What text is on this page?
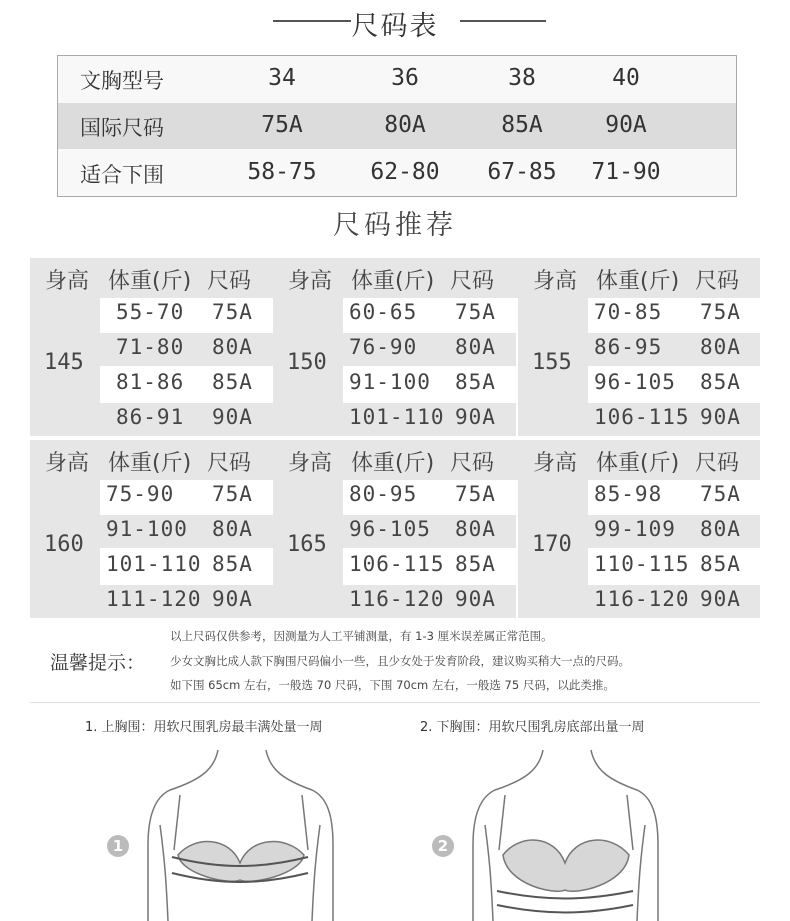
尺码表
文胸型号	34	36	38	40
国际尺码	75A	80A	85A	90A
适合下围	58-75	62-80	67-85	71-90
尺码推荐
身高 体重(斤) 尺码 身高 体重(斤) 尺码 身高 体重(斤) 尺码
145
55-70 75A
71-80 80A
81-86 85A
86-91 90A
150
60-65 75A
76-90 80A
91-100 85A
101-110 90A
155
70-85 75A
86-95 80A
96-105 85A
106-115 90A
身高 体重(斤) 尺码 身高 体重(斤) 尺码 身高 体重(斤) 尺码
160
75-90 75A
91-100 80A
101-110 85A
111-120 90A
165
80-95 75A
96-105 80A
106-115 85A
116-120 90A
170
85-98 75A
99-109 80A
110-115 85A
116-120 90A
温馨提示：
以上尺码仅供参考，因测量为人工平铺测量，有 1-3 厘米误差属正常范围。
少女文胸比成人款下胸围尺码偏小一些，且少女处于发育阶段，建议购买稍大一点的尺码。
如下围 65cm 左右，一般选 70 尺码，下围 70cm 左右，一般选 75 尺码，以此类推。
1. 上胸围：用软尺围乳房最丰满处量一周	2. 下胸围：用软尺围乳房底部出量一周
1	2
